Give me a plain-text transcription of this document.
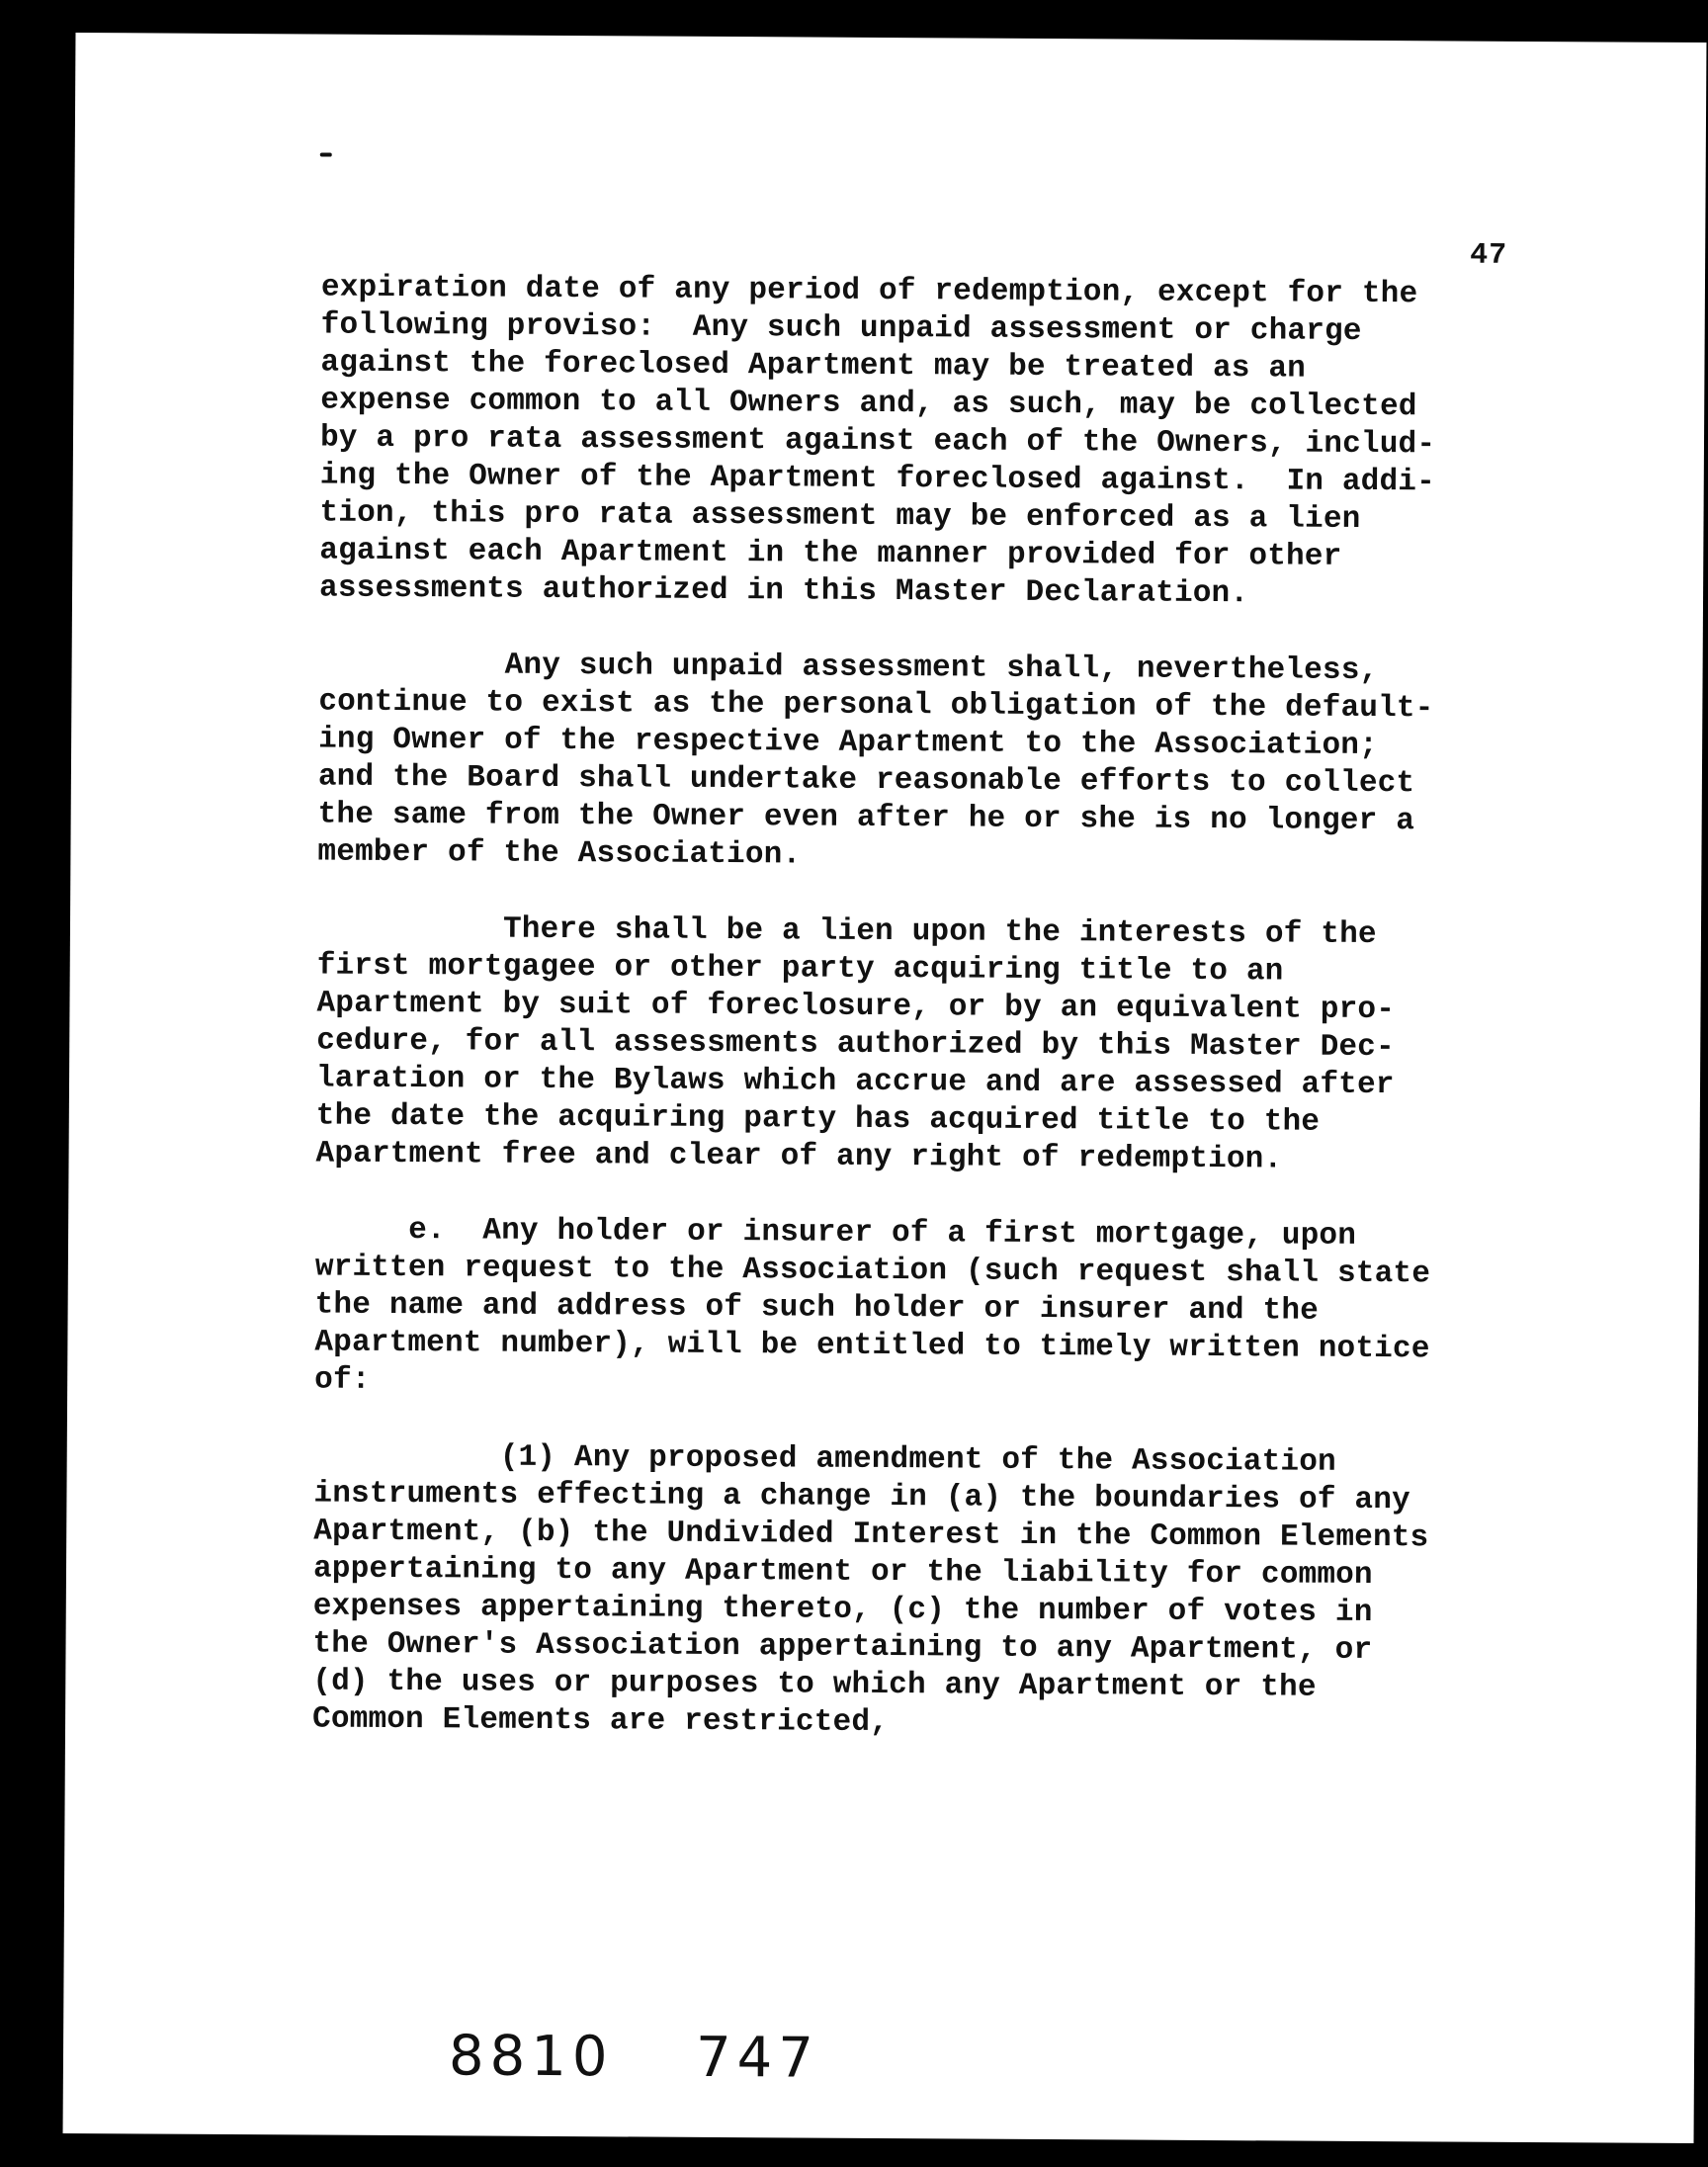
47
expiration date of any period of redemption, except for the
following proviso:  Any such unpaid assessment or charge
against the foreclosed Apartment may be treated as an
expense common to all Owners and, as such, may be collected
by a pro rata assessment against each of the Owners, includ-
ing the Owner of the Apartment foreclosed against.  In addi-
tion, this pro rata assessment may be enforced as a lien
against each Apartment in the manner provided for other
assessments authorized in this Master Declaration.
Any such unpaid assessment shall, nevertheless,
continue to exist as the personal obligation of the default-
ing Owner of the respective Apartment to the Association;
and the Board shall undertake reasonable efforts to collect
the same from the Owner even after he or she is no longer a
member of the Association.
There shall be a lien upon the interests of the
first mortgagee or other party acquiring title to an
Apartment by suit of foreclosure, or by an equivalent pro-
cedure, for all assessments authorized by this Master Dec-
laration or the Bylaws which accrue and are assessed after
the date the acquiring party has acquired title to the
Apartment free and clear of any right of redemption.
e.  Any holder or insurer of a first mortgage, upon
written request to the Association (such request shall state
the name and address of such holder or insurer and the
Apartment number), will be entitled to timely written notice
of:
(1) Any proposed amendment of the Association
instruments effecting a change in (a) the boundaries of any
Apartment, (b) the Undivided Interest in the Common Elements
appertaining to any Apartment or the liability for common
expenses appertaining thereto, (c) the number of votes in
the Owner's Association appertaining to any Apartment, or
(d) the uses or purposes to which any Apartment or the
Common Elements are restricted,
8810 747
